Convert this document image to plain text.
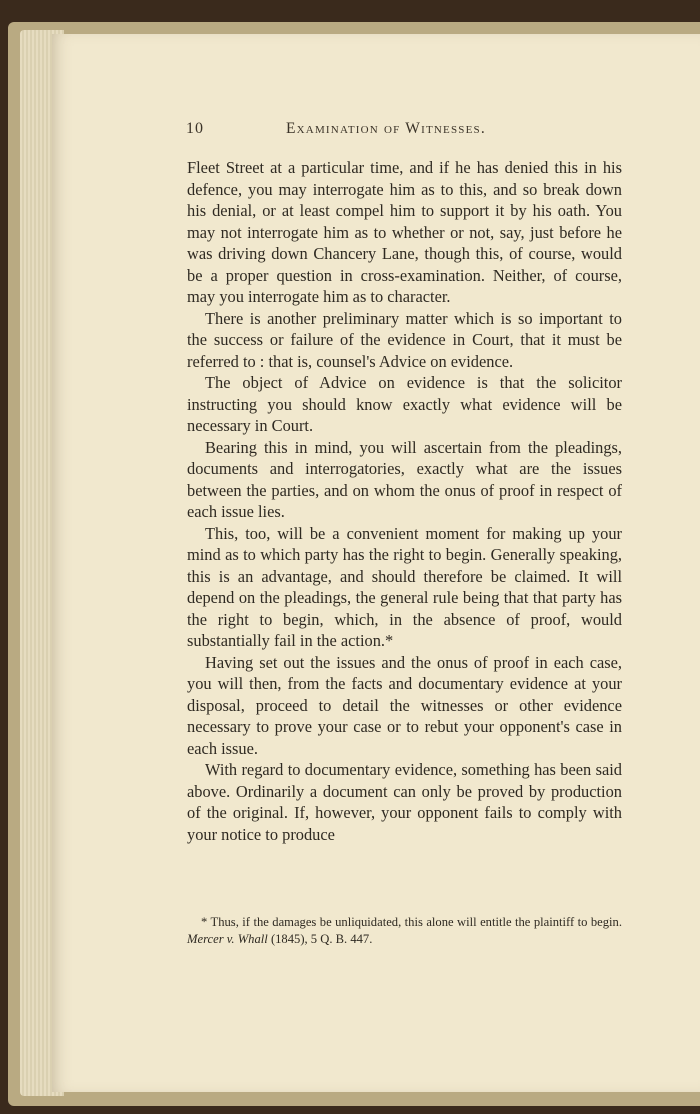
10	Examination of Witnesses.

Fleet Street at a particular time, and if he has denied this in his defence, you may interrogate him as to this, and so break down his denial, or at least compel him to support it by his oath. You may not interrogate him as to whether or not, say, just before he was driving down Chancery Lane, though this, of course, would be a proper question in cross-examination. Neither, of course, may you interrogate him as to character.

There is another preliminary matter which is so important to the success or failure of the evidence in Court, that it must be referred to : that is, counsel's Advice on evidence.

The object of Advice on evidence is that the solicitor instructing you should know exactly what evidence will be necessary in Court.

Bearing this in mind, you will ascertain from the pleadings, documents and interrogatories, exactly what are the issues between the parties, and on whom the onus of proof in respect of each issue lies.

This, too, will be a convenient moment for making up your mind as to which party has the right to begin. Generally speaking, this is an advantage, and should therefore be claimed. It will depend on the pleadings, the general rule being that that party has the right to begin, which, in the absence of proof, would substantially fail in the action.*

Having set out the issues and the onus of proof in each case, you will then, from the facts and documentary evidence at your disposal, proceed to detail the witnesses or other evidence necessary to prove your case or to rebut your opponent's case in each issue.

With regard to documentary evidence, something has been said above. Ordinarily a document can only be proved by production of the original. If, however, your opponent fails to comply with your notice to produce

* Thus, if the damages be unliquidated, this alone will entitle the plaintiff to begin. Mercer v. Whall (1845), 5 Q. B. 447.
